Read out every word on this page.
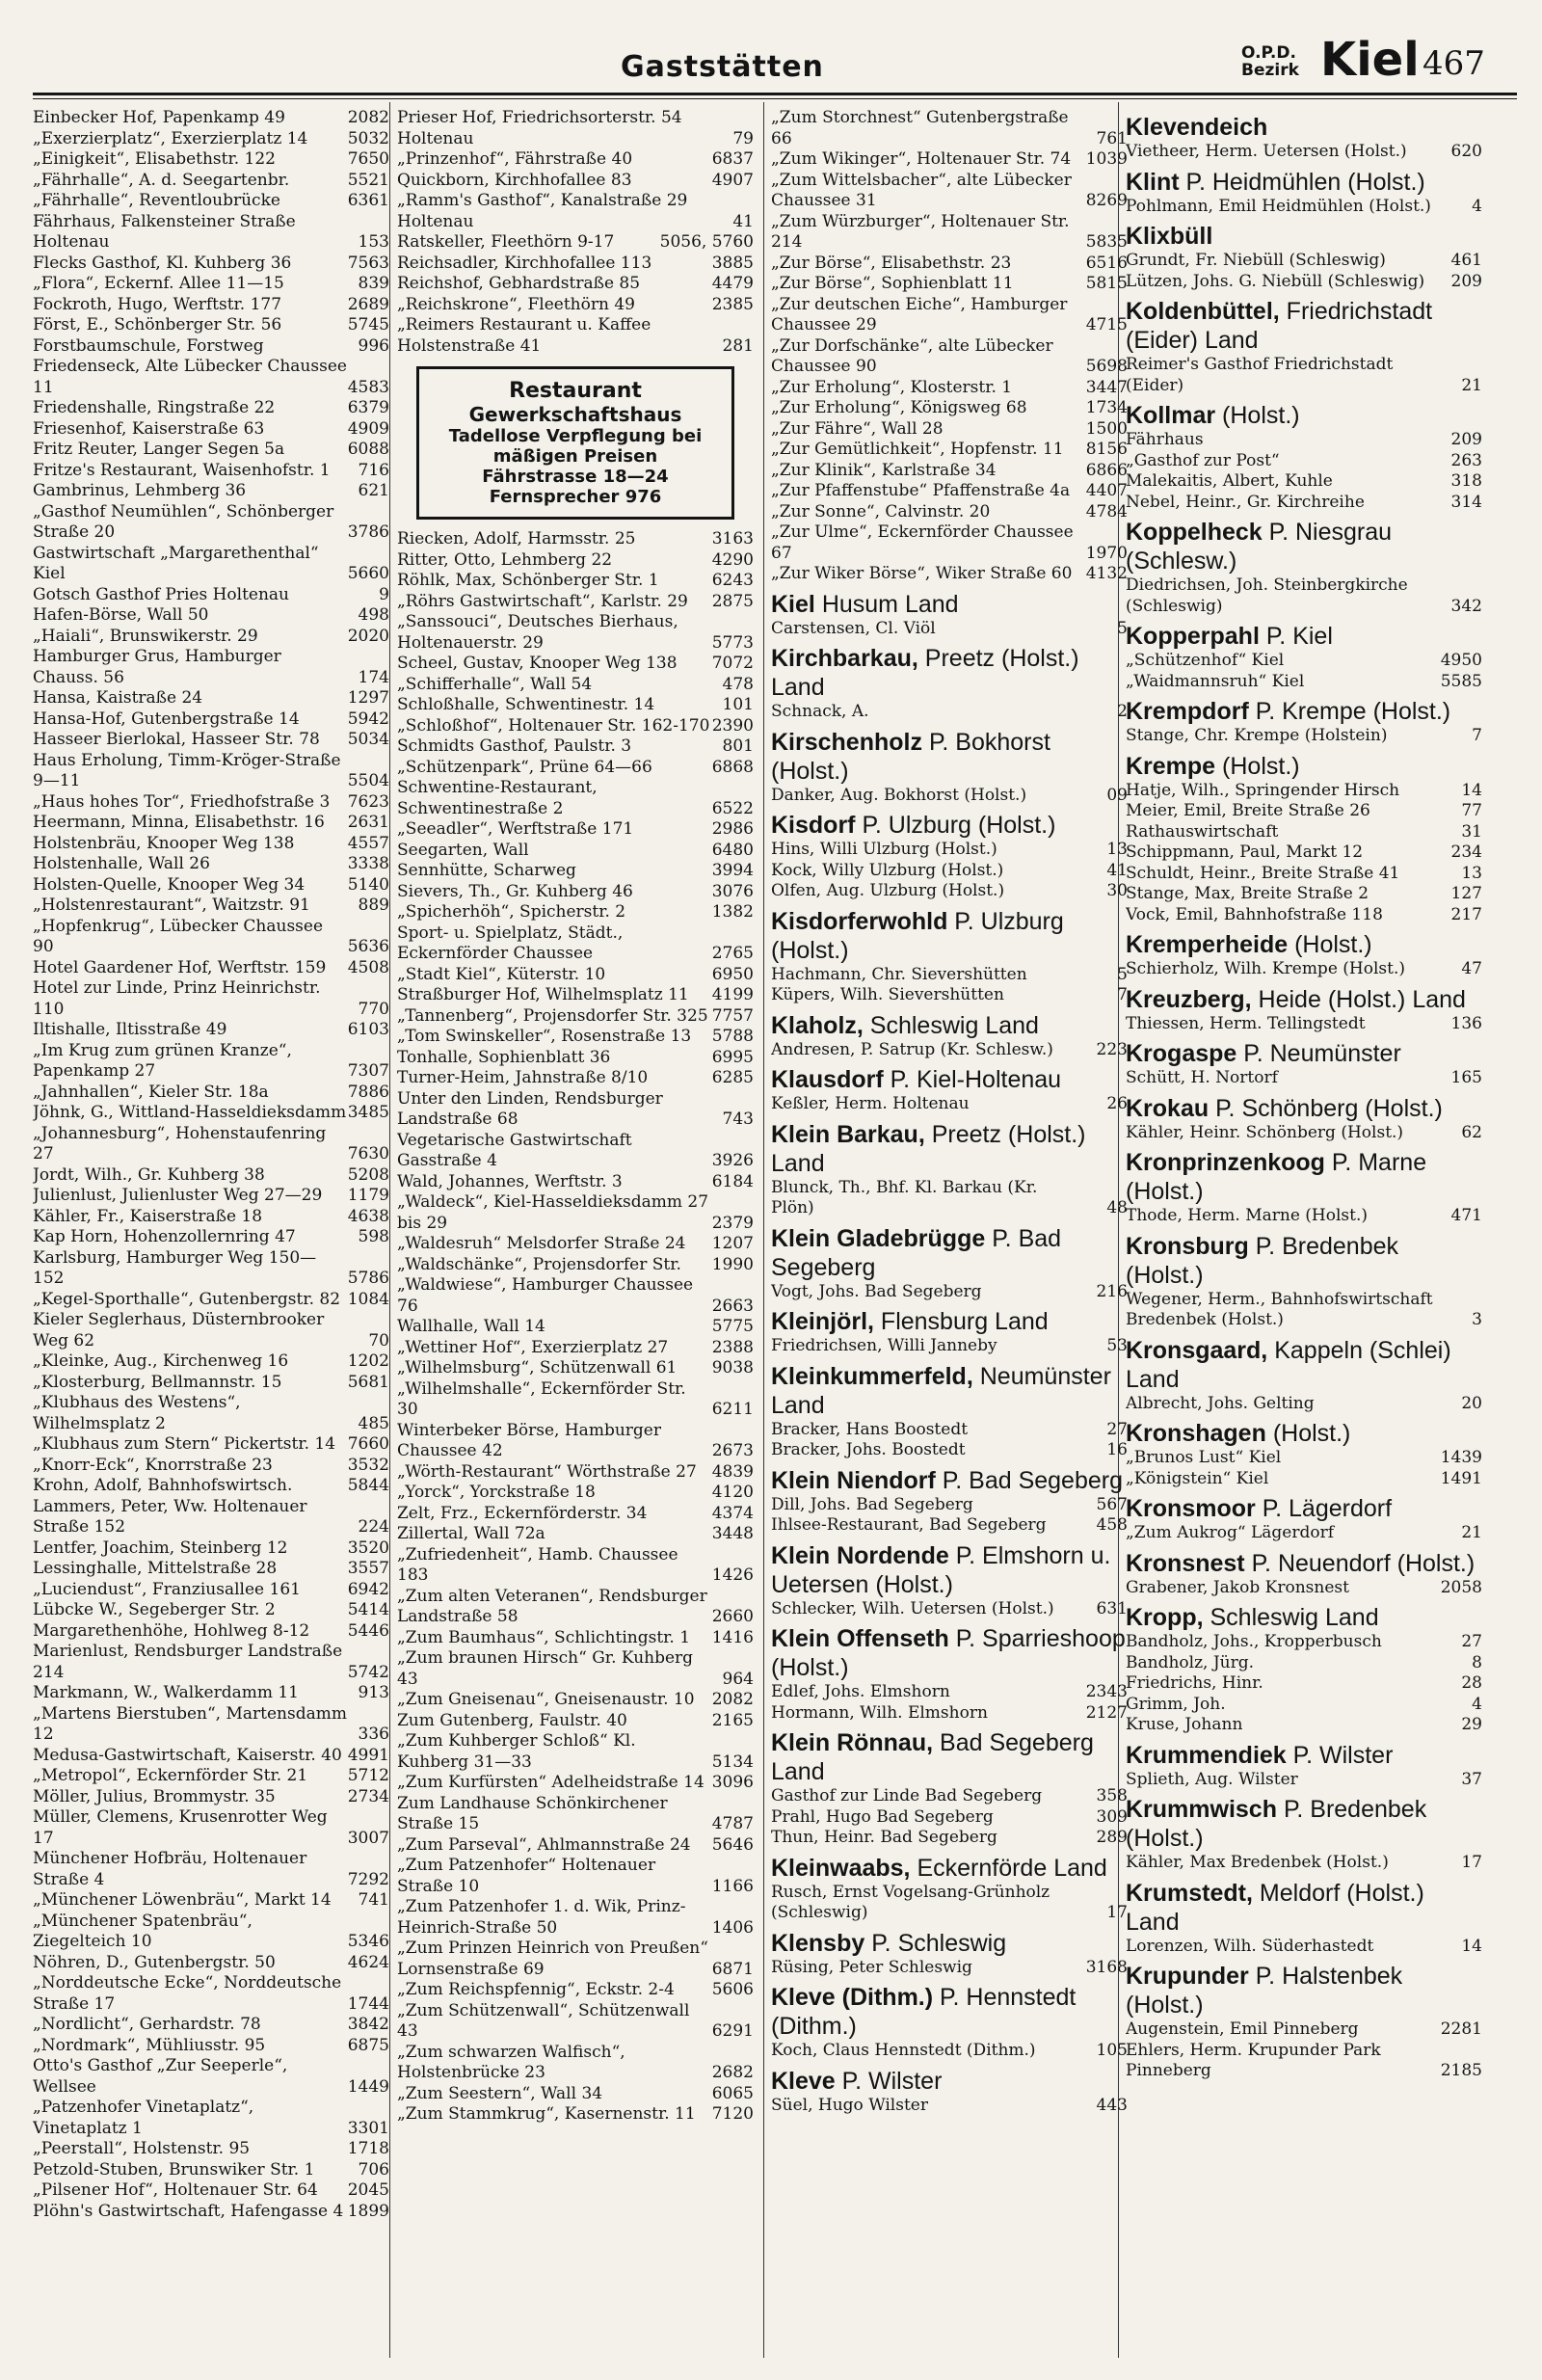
Gaststätten	O.P.D.
Bezirk Kiel 467
Einbecker Hof, Papenkamp 49	2082
„Exerzierplatz“, Exerzierplatz 14	5032
„Einigkeit“, Elisabethstr. 122	7650
„Fährhalle“, A. d. Seegartenbr.	5521
„Fährhalle“, Reventloubrücke	6361
Fährhaus, Falkensteiner Straße Holtenau	153
Flecks Gasthof, Kl. Kuhberg 36	7563
„Flora“, Eckernf. Allee 11—15	839
Fockroth, Hugo, Werftstr. 177	2689
Först, E., Schönberger Str. 56	5745
Forstbaumschule, Forstweg	996
Friedenseck, Alte Lübecker Chaussee 11	4583
Friedenshalle, Ringstraße 22	6379
Friesenhof, Kaiserstraße 63	4909
Fritz Reuter, Langer Segen 5a	6088
Fritze's Restaurant, Waisenhofstr. 1	716
Gambrinus, Lehmberg 36	621
„Gasthof Neumühlen“, Schönberger Straße 20	3786
Gastwirtschaft „Margarethenthal“ Kiel	5660
Gotsch Gasthof Pries Holtenau	9
Hafen-Börse, Wall 50	498
„Haiali“, Brunswikerstr. 29	2020
Hamburger Grus, Hamburger Chauss. 56	174
Hansa, Kaistraße 24	1297
Hansa-Hof, Gutenbergstraße 14	5942
Hasseer Bierlokal, Hasseer Str. 78	5034
Haus Erholung, Timm-Kröger-Straße 9—11	5504
„Haus hohes Tor“, Friedhofstraße 3	7623
Heermann, Minna, Elisabethstr. 16	2631
Holstenbräu, Knooper Weg 138	4557
Holstenhalle, Wall 26	3338
Holsten-Quelle, Knooper Weg 34	5140
„Holstenrestaurant“, Waitzstr. 91	889
„Hopfenkrug“, Lübecker Chaussee 90	5636
Hotel Gaardener Hof, Werftstr. 159	4508
Hotel zur Linde, Prinz Heinrichstr. 110	770
Iltishalle, Iltisstraße 49	6103
„Im Krug zum grünen Kranze“, Papenkamp 27	7307
„Jahnhallen“, Kieler Str. 18a	7886
Jöhnk, G., Wittland-Hasseldieksdamm 3485
„Johannesburg“, Hohenstaufenring 27	7630
Jordt, Wilh., Gr. Kuhberg 38	5208
Julienlust, Julienluster Weg 27—29	1179
Kähler, Fr., Kaiserstraße 18	4638
Kap Horn, Hohenzollernring 47	598
Karlsburg, Hamburger Weg 150—152	5786
„Kegel-Sporthalle“, Gutenbergstr. 82 1084
Kieler Seglerhaus, Düsternbrooker Weg 62	70
„Kleinke, Aug., Kirchenweg 16	1202
„Klosterburg, Bellmannstr. 15	5681
„Klubhaus des Westens“, Wilhelmsplatz 2	485
„Klubhaus zum Stern“ Pickertstr. 14 7660
„Knorr-Eck“, Knorrstraße 23	3532
Krohn, Adolf, Bahnhofswirtsch.	5844
Lammers, Peter, Ww. Holtenauer Straße 152	224
Lentfer, Joachim, Steinberg 12	3520
Lessinghalle, Mittelstraße 28	3557
„Luciendust“, Franziusallee 161	6942
Lübcke W., Segeberger Str. 2	5414
Margarethenhöhe, Hohlweg 8-12	5446
Marienlust, Rendsburger Landstraße 214	5742
Markmann, W., Walkerdamm 11	913
„Martens Bierstuben“, Martensdamm 12	336
Medusa-Gastwirtschaft, Kaiserstr. 40 4991
„Metropol“, Eckernförder Str. 21	5712
Möller, Julius, Brommystr. 35	2734
Müller, Clemens, Krusenrotter Weg 17	3007
Münchener Hofbräu, Holtenauer Straße 4	7292
„Münchener Löwenbräu“, Markt 14	741
„Münchener Spatenbräu“, Ziegelteich 10	5346
Nöhren, D., Gutenbergstr. 50	4624
„Norddeutsche Ecke“, Norddeutsche Straße 17	1744
„Nordlicht“, Gerhardstr. 78	3842
„Nordmark“, Mühliusstr. 95	6875
Otto's Gasthof „Zur Seeperle“, Wellsee	1449
„Patzenhofer Vinetaplatz“, Vinetaplatz 1	3301
„Peerstall“, Holstenstr. 95	1718
Petzold-Stuben, Brunswiker Str. 1	706
„Pilsener Hof“, Holtenauer Str. 64	2045
Plöhn's Gastwirtschaft, Hafengasse 4 1899
Prieser Hof, Friedrichsorterstr. 54 Holtenau	79
„Prinzenhof“, Fährstraße 40	6837
Quickborn, Kirchhofallee 83	4907
„Ramm's Gasthof“, Kanalstraße 29 Holtenau	41
Ratskeller, Fleethörn 9-17	5056, 5760
Reichsadler, Kirchhofallee 113	3885
Reichshof, Gebhardstraße 85	4479
„Reichskrone“, Fleethörn 49	2385
„Reimers Restaurant u. Kaffee Holstenstraße 41	281
Restaurant
Gewerkschaftshaus
Tadellose Verpflegung bei
mäßigen Preisen
Fährstrasse 18—24
Fernsprecher 976
Riecken, Adolf, Harmsstr. 25	3163
Ritter, Otto, Lehmberg 22	4290
Röhlk, Max, Schönberger Str. 1	6243
„Röhrs Gastwirtschaft“, Karlstr. 29	2875
„Sanssouci“, Deutsches Bierhaus, Holtenauerstr. 29	5773
Scheel, Gustav, Knooper Weg 138	7072
„Schifferhalle“, Wall 54	478
Schloßhalle, Schwentinestr. 14	101
„Schloßhof“, Holtenauer Str. 162-170 2390
Schmidts Gasthof, Paulstr. 3	801
„Schützenpark“, Prüne 64—66	6868
Schwentine-Restaurant, Schwentinestraße 2	6522
„Seeadler“, Werftstraße 171	2986
Seegarten, Wall	6480
Sennhütte, Scharweg	3994
Sievers, Th., Gr. Kuhberg 46	3076
„Spicherhöh“, Spicherstr. 2	1382
Sport- u. Spielplatz, Städt., Eckernförder Chaussee	2765
„Stadt Kiel“, Küterstr. 10	6950
Straßburger Hof, Wilhelmsplatz 11	4199
„Tannenberg“, Projensdorfer Str. 325 7757
„Tom Swinskeller“, Rosenstraße 13	5788
Tonhalle, Sophienblatt 36	6995
Turner-Heim, Jahnstraße 8/10	6285
Unter den Linden, Rendsburger Landstraße 68	743
Vegetarische Gastwirtschaft Gasstraße 4	3926
Wald, Johannes, Werftstr. 3	6184
„Waldeck“, Kiel-Hasseldieksdamm 27 bis 29	2379
„Waldesruh“ Melsdorfer Straße 24	1207
„Waldschänke“, Projensdorfer Str.	1990
„Waldwiese“, Hamburger Chaussee 76	2663
Wallhalle, Wall 14	5775
„Wettiner Hof“, Exerzierplatz 27	2388
„Wilhelmsburg“, Schützenwall 61	9038
„Wilhelmshalle“, Eckernförder Str. 30	6211
Winterbeker Börse, Hamburger Chaussee 42	2673
„Wörth-Restaurant“ Wörthstraße 27 4839
„Yorck“, Yorckstraße 18	4120
Zelt, Frz., Eckernförderstr. 34	4374
Zillertal, Wall 72a	3448
„Zufriedenheit“, Hamb. Chaussee 183	1426
„Zum alten Veteranen“, Rendsburger Landstraße 58	2660
„Zum Baumhaus“, Schlichtingstr. 1	1416
„Zum braunen Hirsch“ Gr. Kuhberg 43	964
„Zum Gneisenau“, Gneisenaustr. 10	2082
Zum Gutenberg, Faulstr. 40	2165
„Zum Kuhberger Schloß“ Kl. Kuhberg 31—33	5134
„Zum Kurfürsten“ Adelheidstraße 14 3096
Zum Landhause Schönkirchener Straße 15	4787
„Zum Parseval“, Ahlmannstraße 24	5646
„Zum Patzenhofer“ Holtenauer Straße 10	1166
„Zum Patzenhofer 1. d. Wik, Prinz-Heinrich-Straße 50	1406
„Zum Prinzen Heinrich von Preußen“ Lornsenstraße 69	6871
„Zum Reichspfennig“, Eckstr. 2-4	5606
„Zum Schützenwall“, Schützenwall 43	6291
„Zum schwarzen Walfisch“, Holstenbrücke 23	2682
„Zum Seestern“, Wall 34	6065
„Zum Stammkrug“, Kasernenstr. 11	7120
„Zum Storchnest“ Gutenbergstraße 66	761
„Zum Wikinger“, Holtenauer Str. 74 1039
„Zum Wittelsbacher“, alte Lübecker Chaussee 31	8269
„Zum Würzburger“, Holtenauer Str. 214	5835
„Zur Börse“, Elisabethstr. 23	6516
„Zur Börse“, Sophienblatt 11	5815
„Zur deutschen Eiche“, Hamburger Chaussee 29	4715
„Zur Dorfschänke“, alte Lübecker Chaussee 90	5698
„Zur Erholung“, Klosterstr. 1	3447
„Zur Erholung“, Königsweg 68	1734
„Zur Fähre“, Wall 28	1500
„Zur Gemütlichkeit“, Hopfenstr. 11	8156
„Zur Klinik“, Karlstraße 34	6866
„Zur Pfaffenstube“ Pfaffenstraße 4a 4407
„Zur Sonne“, Calvinstr. 20	4784
„Zur Ulme“, Eckernförder Chaussee 67	1970
„Zur Wiker Börse“, Wiker Straße 60 4132
Kiel Husum Land
Carstensen, Cl. Viöl	5
Kirchbarkau, Preetz (Holst.) Land
Schnack, A.	2
Kirschenholz P. Bokhorst (Holst.)
Danker, Aug. Bokhorst (Holst.)	09
Kisdorf P. Ulzburg (Holst.)
Hins, Willi Ulzburg (Holst.)	13
Kock, Willy Ulzburg (Holst.)	41
Olfen, Aug. Ulzburg (Holst.)	30
Kisdorferwohld P. Ulzburg (Holst.)
Hachmann, Chr. Sievershütten	5
Küpers, Wilh. Sievershütten	7
Klaholz, Schleswig Land
Andresen, P. Satrup (Kr. Schlesw.)	223
Klausdorf P. Kiel-Holtenau
Keßler, Herm. Holtenau	26
Klein Barkau, Preetz (Holst.) Land
Blunck, Th., Bhf. Kl. Barkau (Kr. Plön)	48
Klein Gladebrügge P. Bad Segeberg
Vogt, Johs. Bad Segeberg	216
Kleinjörl, Flensburg Land
Friedrichsen, Willi Janneby	53
Kleinkummerfeld, Neumünster Land
Bracker, Hans Boostedt	27
Bracker, Johs. Boostedt	16
Klein Niendorf P. Bad Segeberg
Dill, Johs. Bad Segeberg	567
Ihlsee-Restaurant, Bad Segeberg	458
Klein Nordende P. Elmshorn u. Uetersen (Holst.)
Schlecker, Wilh. Uetersen (Holst.)	631
Klein Offenseth P. Sparrieshoop (Holst.)
Edlef, Johs. Elmshorn	2343
Hormann, Wilh. Elmshorn	2127
Klein Rönnau, Bad Segeberg Land
Gasthof zur Linde Bad Segeberg	358
Prahl, Hugo Bad Segeberg	309
Thun, Heinr. Bad Segeberg	289
Kleinwaabs, Eckernförde Land
Rusch, Ernst Vogelsang-Grünholz (Schleswig)	17
Klensby P. Schleswig
Rüsing, Peter Schleswig	3168
Kleve (Dithm.) P. Hennstedt (Dithm.)
Koch, Claus Hennstedt (Dithm.)	105
Kleve P. Wilster
Süel, Hugo Wilster	443
Klevendeich
Vietheer, Herm. Uetersen (Holst.)	620
Klint P. Heidmühlen (Holst.)
Pohlmann, Emil Heidmühlen (Holst.)	4
Klixbüll
Grundt, Fr. Niebüll (Schleswig)	461
Lützen, Johs. G. Niebüll (Schleswig)	209
Koldenbüttel, Friedrichstadt (Eider) Land
Reimer's Gasthof Friedrichstadt (Eider)	21
Kollmar (Holst.)
Fährhaus	209
„Gasthof zur Post“	263
Malekaitis, Albert, Kuhle	318
Nebel, Heinr., Gr. Kirchreihe	314
Koppelheck P. Niesgrau (Schlesw.)
Diedrichsen, Joh. Steinbergkirche (Schleswig)	342
Kopperpahl P. Kiel
„Schützenhof“ Kiel	4950
„Waidmannsruh“ Kiel	5585
Krempdorf P. Krempe (Holst.)
Stange, Chr. Krempe (Holstein)	7
Krempe (Holst.)
Hatje, Wilh., Springender Hirsch	14
Meier, Emil, Breite Straße 26	77
Rathauswirtschaft	31
Schippmann, Paul, Markt 12	234
Schuldt, Heinr., Breite Straße 41	13
Stange, Max, Breite Straße 2	127
Vock, Emil, Bahnhofstraße 118	217
Kremperheide (Holst.)
Schierholz, Wilh. Krempe (Holst.)	47
Kreuzberg, Heide (Holst.) Land
Thiessen, Herm. Tellingstedt	136
Krogaspe P. Neumünster
Schütt, H. Nortorf	165
Krokau P. Schönberg (Holst.)
Kähler, Heinr. Schönberg (Holst.)	62
Kronprinzenkoog P. Marne (Holst.)
Thode, Herm. Marne (Holst.)	471
Kronsburg P. Bredenbek (Holst.)
Wegener, Herm., Bahnhofswirtschaft Bredenbek (Holst.)	3
Kronsgaard, Kappeln (Schlei) Land
Albrecht, Johs. Gelting	20
Kronshagen (Holst.)
„Brunos Lust“ Kiel	1439
„Königstein“ Kiel	1491
Kronsmoor P. Lägerdorf
„Zum Aukrog“ Lägerdorf	21
Kronsnest P. Neuendorf (Holst.)
Grabener, Jakob Kronsnest	2058
Kropp, Schleswig Land
Bandholz, Johs., Kropperbusch	27
Bandholz, Jürg.	8
Friedrichs, Hinr.	28
Grimm, Joh.	4
Kruse, Johann	29
Krummendiek P. Wilster
Splieth, Aug. Wilster	37
Krummwisch P. Bredenbek (Holst.)
Kähler, Max Bredenbek (Holst.)	17
Krumstedt, Meldorf (Holst.) Land
Lorenzen, Wilh. Süderhastedt	14
Krupunder P. Halstenbek (Holst.)
Augenstein, Emil Pinneberg	2281
Ehlers, Herm. Krupunder Park Pinneberg	2185
